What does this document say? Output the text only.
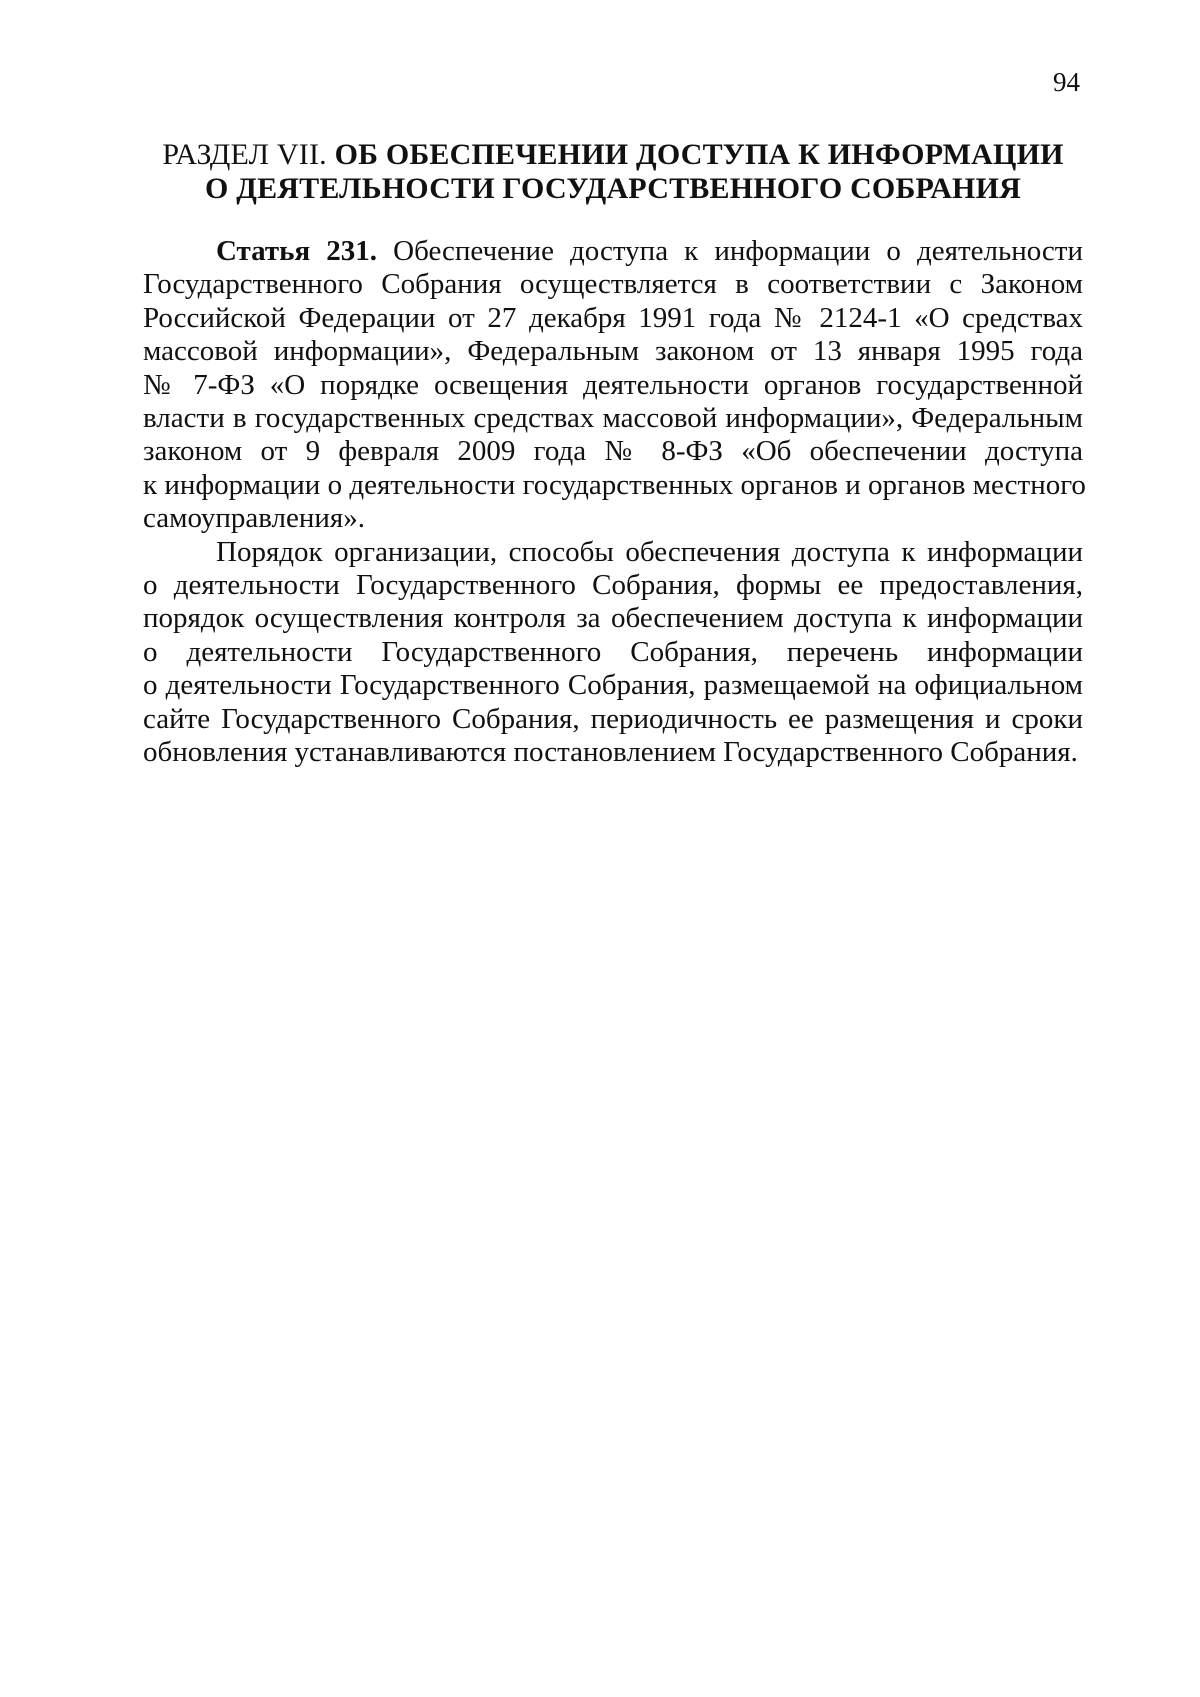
94
РАЗДЕЛ VII. ОБ ОБЕСПЕЧЕНИИ ДОСТУПА К ИНФОРМАЦИИ
О ДЕЯТЕЛЬНОСТИ ГОСУДАРСТВЕННОГО СОБРАНИЯ

Статья 231. Обеспечение доступа к информации о деятельности
Государственного Собрания осуществляется в соответствии с Законом
Российской Федерации от 27 декабря 1991 года № 2124-1 «О средствах
массовой информации», Федеральным законом от 13 января 1995 года
№ 7-ФЗ «О порядке освещения деятельности органов государственной
власти в государственных средствах массовой информации», Федеральным
законом от 9 февраля 2009 года № 8-ФЗ «Об обеспечении доступа
к информации о деятельности государственных органов и органов местного
самоуправления».

Порядок организации, способы обеспечения доступа к информации
о деятельности Государственного Собрания, формы ее предоставления,
порядок осуществления контроля за обеспечением доступа к информации
о деятельности Государственного Собрания, перечень информации
о деятельности Государственного Собрания, размещаемой на официальном
сайте Государственного Собрания, периодичность ее размещения и сроки
обновления устанавливаются постановлением Государственного Собрания.
